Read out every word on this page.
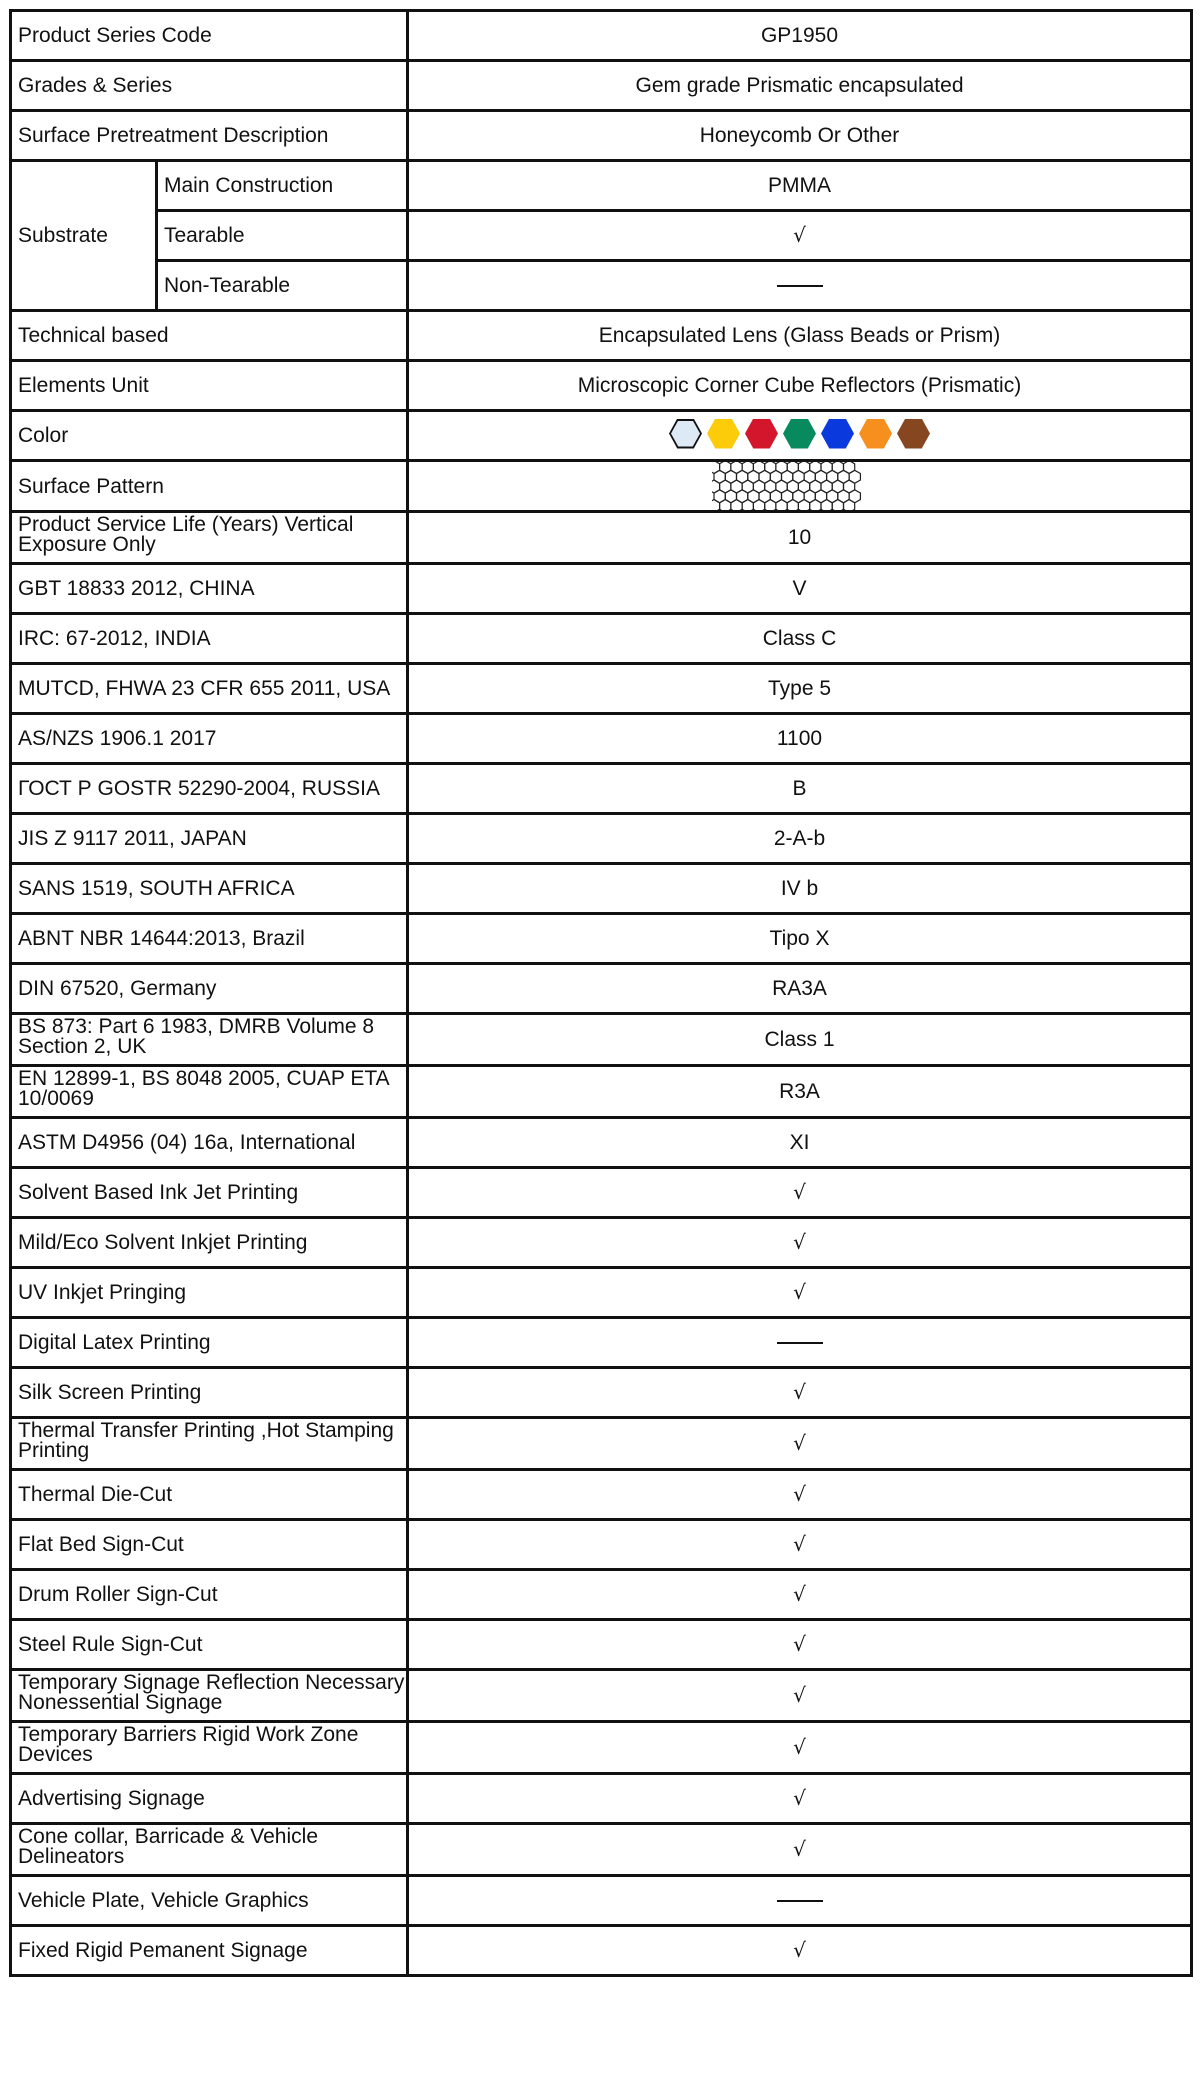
Product Series Code		GP1950
Grades & Series		Gem grade Prismatic encapsulated
Surface Pretreatment Description		Honeycomb Or Other
Substrate	Main Construction	PMMA
	Tearable	√
	Non-Tearable	
Technical based		Encapsulated Lens (Glass Beads or Prism)
Elements Unit		Microscopic Corner Cube Reflectors (Prismatic)
Color		

Surface Pattern	
Product Service Life (Years) Vertical Exposure Only		10
GBT 18833 2012, CHINA		V
IRC: 67-2012, INDIA		Class C
MUTCD, FHWA 23 CFR 655 2011, USA		Type 5
AS/NZS 1906.1 2017		1100
ГОСТ Р GOSTR 52290-2004, RUSSIA		B
JIS Z 9117 2011, JAPAN		2-A-b
SANS 1519, SOUTH AFRICA		IV b
ABNT NBR 14644:2013, Brazil		Tipo X
DIN 67520, Germany		RA3A
BS 873: Part 6 1983, DMRB Volume 8 Section 2, UK		Class 1
EN 12899-1, BS 8048 2005, CUAP ETA 10/0069		R3A
ASTM D4956 (04) 16a, International		XI
Solvent Based Ink Jet Printing		√
Mild/Eco Solvent Inkjet Printing		√
UV Inkjet Pringing		√
Digital Latex Printing		
Silk Screen Printing		√
Thermal Transfer Printing ,Hot Stamping Printing		√
Thermal Die-Cut		√
Flat Bed Sign-Cut		√
Drum Roller Sign-Cut		√
Steel Rule Sign-Cut		√
Temporary Signage Reflection Necessary Nonessential Signage		√
Temporary Barriers Rigid Work Zone Devices		√
Advertising Signage		√
Cone collar, Barricade & Vehicle Delineators		√
Vehicle Plate, Vehicle Graphics		
Fixed Rigid Pemanent Signage		√
